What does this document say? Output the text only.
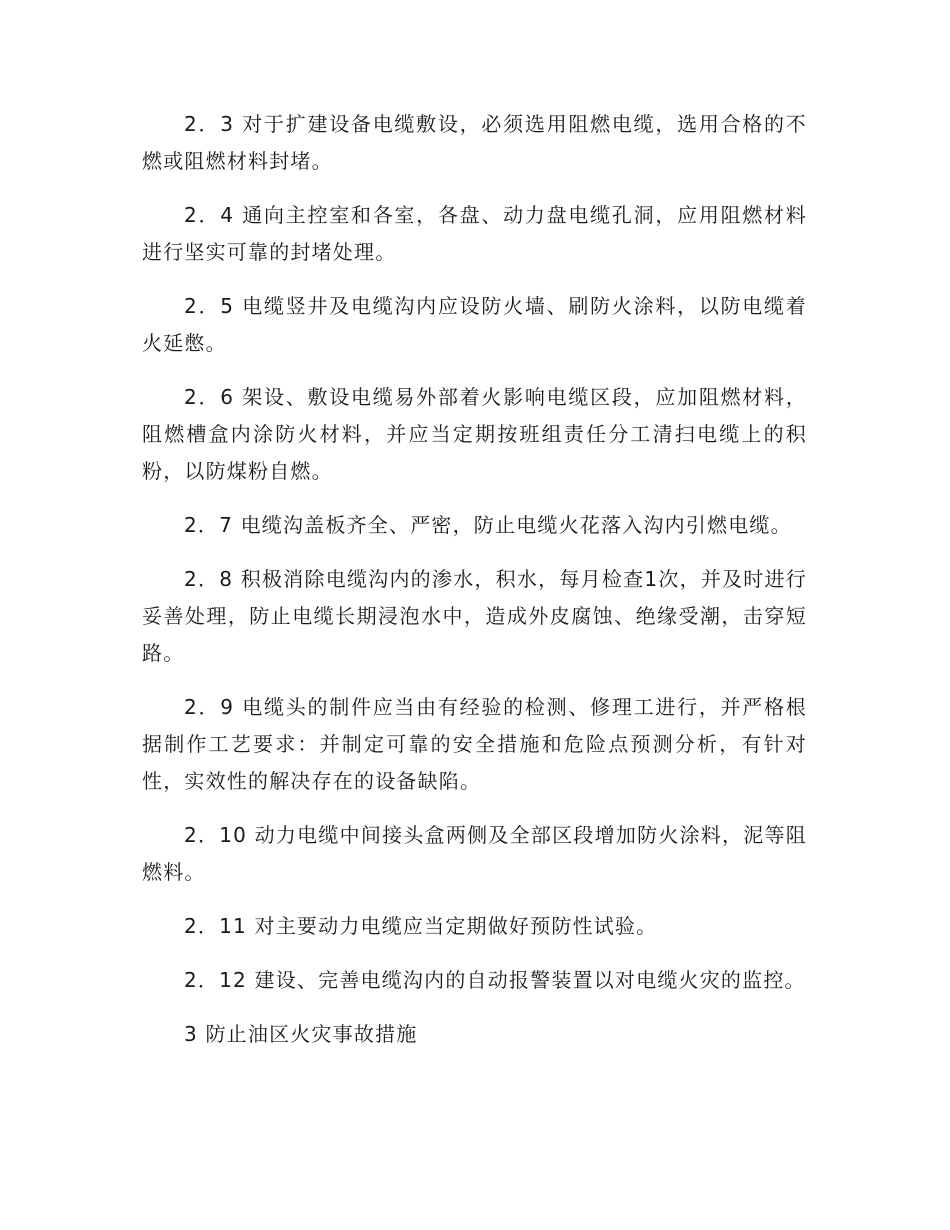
2．3 对于扩建设备电缆敷设，必须选用阻燃电缆，选用合格的不燃或阻燃材料封堵。

2．4 通向主控室和各室，各盘、动力盘电缆孔洞，应用阻燃材料进行坚实可靠的封堵处理。

2．5 电缆竖井及电缆沟内应设防火墙、刷防火涂料，以防电缆着火延憋。

2．6 架设、敷设电缆易外部着火影响电缆区段，应加阻燃材料，阻燃槽盒内涂防火材料，并应当定期按班组责任分工清扫电缆上的积粉，以防煤粉自燃。

2．7 电缆沟盖板齐全、严密，防止电缆火花落入沟内引燃电缆。

2．8 积极消除电缆沟内的渗水，积水，每月检查1次，并及时进行妥善处理，防止电缆长期浸泡水中，造成外皮腐蚀、绝缘受潮，击穿短路。

2．9 电缆头的制件应当由有经验的检测、修理工进行，并严格根据制作工艺要求：并制定可靠的安全措施和危险点预测分析，有针对性，实效性的解决存在的设备缺陷。

2．10 动力电缆中间接头盒两侧及全部区段增加防火涂料，泥等阻燃料。

2．11 对主要动力电缆应当定期做好预防性试验。

2．12 建设、完善电缆沟内的自动报警装置以对电缆火灾的监控。

3 防止油区火灾事故措施
